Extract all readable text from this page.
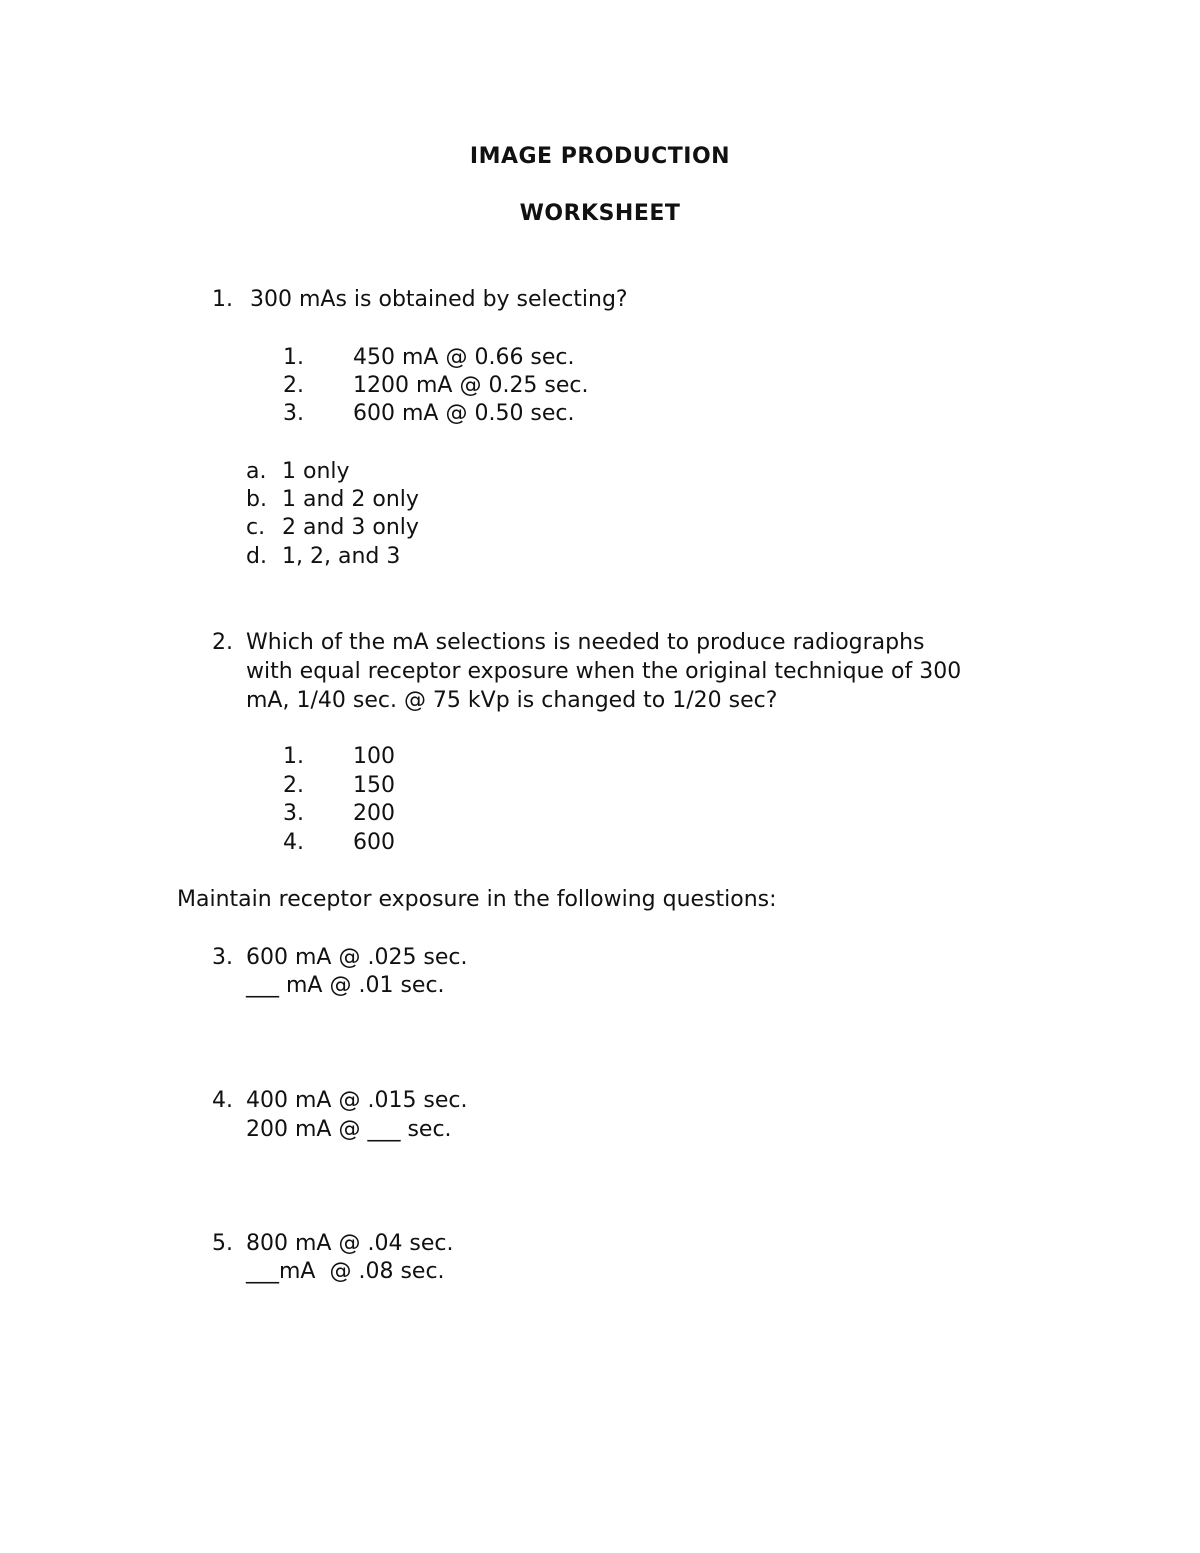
IMAGE PRODUCTION
WORKSHEET
1. 300 mAs is obtained by selecting?
1. 450 mA @ 0.66 sec.
2. 1200 mA @ 0.25 sec.
3. 600 mA @ 0.50 sec.
a. 1 only
b. 1 and 2 only
c. 2 and 3 only
d. 1, 2, and 3
2. Which of the mA selections is needed to produce radiographs
with equal receptor exposure when the original technique of 300
mA, 1/40 sec. @ 75 kVp is changed to 1/20 sec?
1. 100
2. 150
3. 200
4. 600
Maintain receptor exposure in the following questions:
3. 600 mA @ .025 sec.
___ mA @ .01 sec.
4. 400 mA @ .015 sec.
200 mA @ ___ sec.
5. 800 mA @ .04 sec.
___mA  @ .08 sec.
